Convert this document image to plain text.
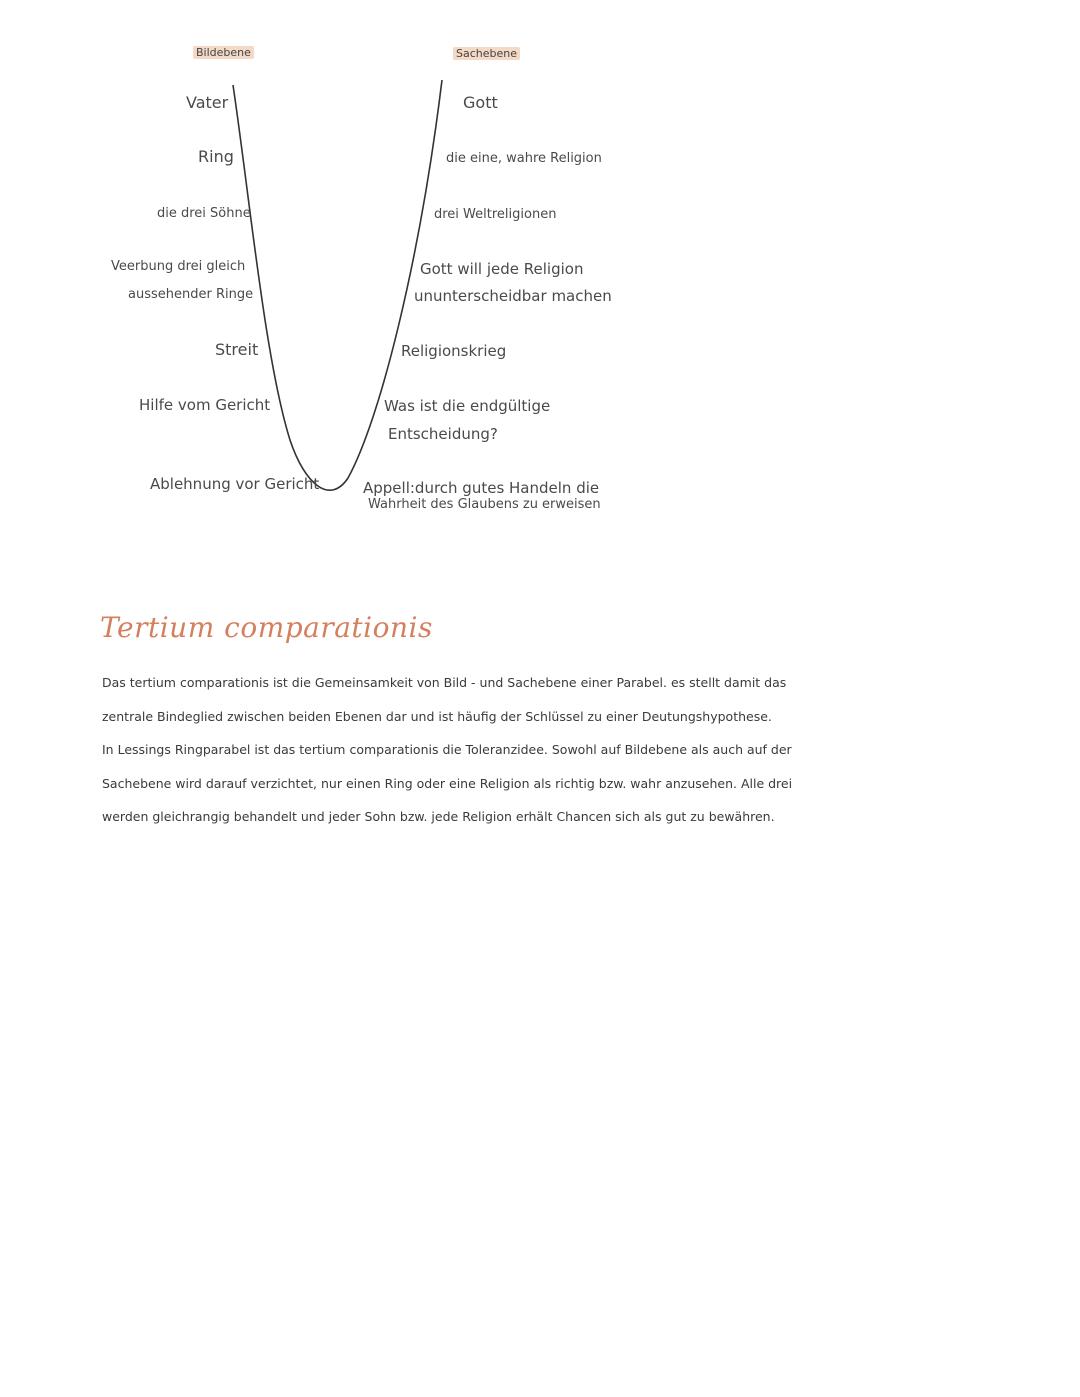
Bildebene	Sachebene
Vater
Ring
die drei Söhne
Veerbung drei gleich
aussehender Ringe
Streit
Hilfe vom Gericht
Ablehnung vor Gericht
Gott
die eine, wahre Religion
drei Weltreligionen
Gott will jede Religion
ununterscheidbar machen
Religionskrieg
Was ist die endgültige
Entscheidung?
Appell:durch gutes Handeln die
Wahrheit des Glaubens zu erweisen
Tertium comparationis

Das tertium comparationis ist die Gemeinsamkeit von Bild - und Sachebene einer Parabel. es stellt damit das zentrale Bindeglied zwischen beiden Ebenen dar und ist häufig der Schlüssel zu einer Deutungshypothese.

In Lessings Ringparabel ist das tertium comparationis die Toleranzidee. Sowohl auf Bildebene als auch auf der Sachebene wird darauf verzichtet, nur einen Ring oder eine Religion als richtig bzw. wahr anzusehen. Alle drei werden gleichrangig behandelt und jeder Sohn bzw. jede Religion erhält Chancen sich als gut zu bewähren.
